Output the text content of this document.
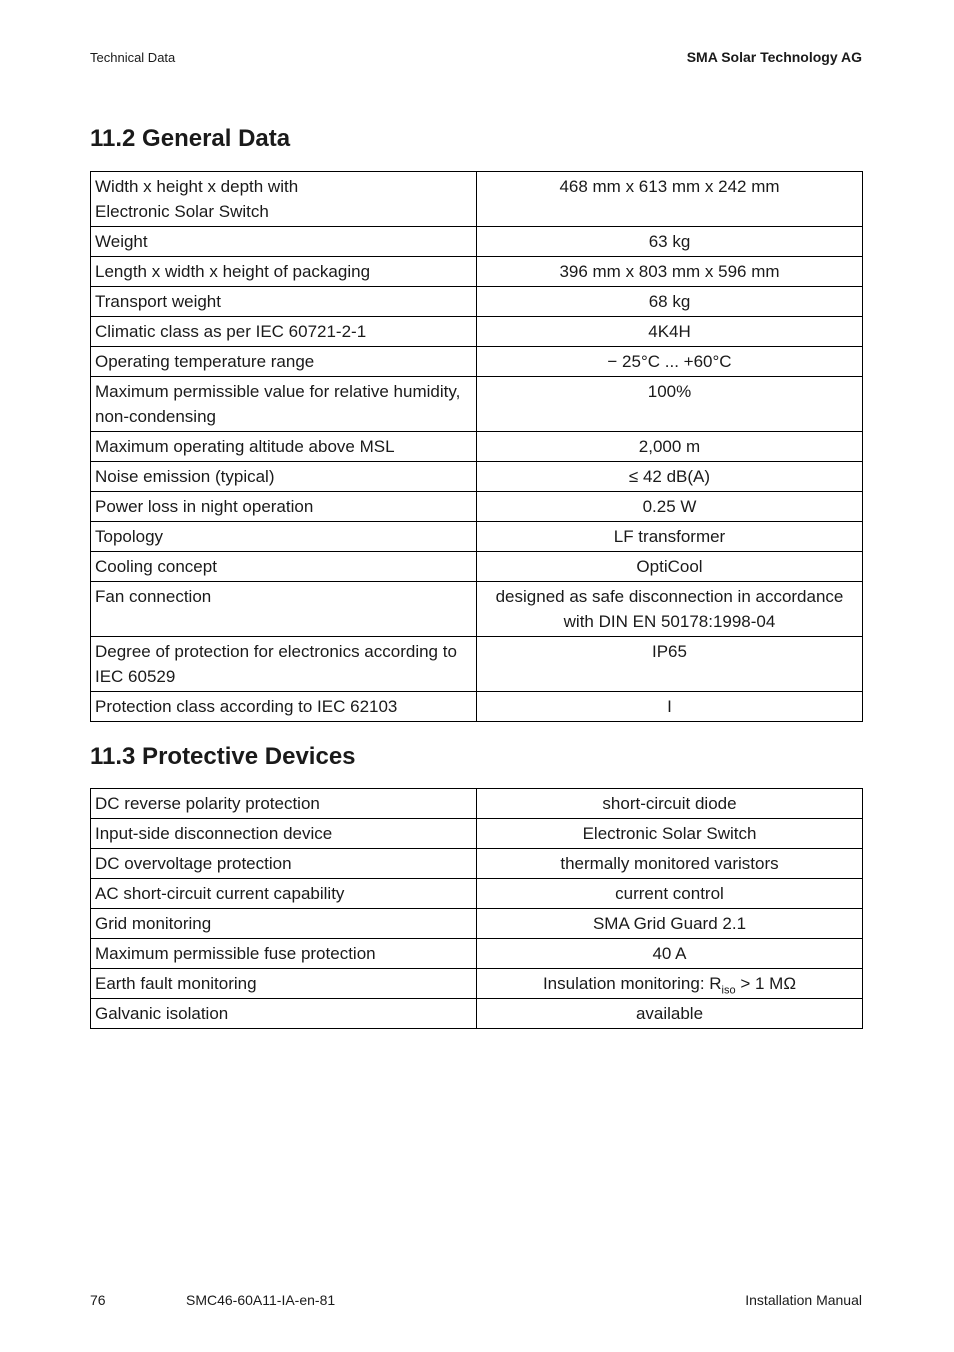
Technical Data	SMA Solar Technology AG
11.2 General Data
Width x height x depth with
Electronic Solar Switch	468 mm x 613 mm x 242 mm
Weight	63 kg
Length x width x height of packaging	396 mm x 803 mm x 596 mm
Transport weight	68 kg
Climatic class as per IEC 60721-2-1	4K4H
Operating temperature range	− 25°C ... +60°C
Maximum permissible value for relative humidity,
non-condensing	100%
Maximum operating altitude above MSL	2,000 m
Noise emission (typical)	≤ 42 dB(A)
Power loss in night operation	0.25 W
Topology	LF transformer
Cooling concept	OptiCool
Fan connection	designed as safe disconnection in accordance
with DIN EN 50178:1998-04
Degree of protection for electronics according to
IEC 60529	IP65
Protection class according to IEC 62103	I
11.3 Protective Devices
DC reverse polarity protection	short-circuit diode
Input-side disconnection device	Electronic Solar Switch
DC overvoltage protection	thermally monitored varistors
AC short-circuit current capability	current control
Grid monitoring	SMA Grid Guard 2.1
Maximum permissible fuse protection	40 A
Earth fault monitoring	Insulation monitoring: $R_{iso} > 1$ MΩ
Galvanic isolation	available
76	SMC46-60A11-IA-en-81	Installation Manual
